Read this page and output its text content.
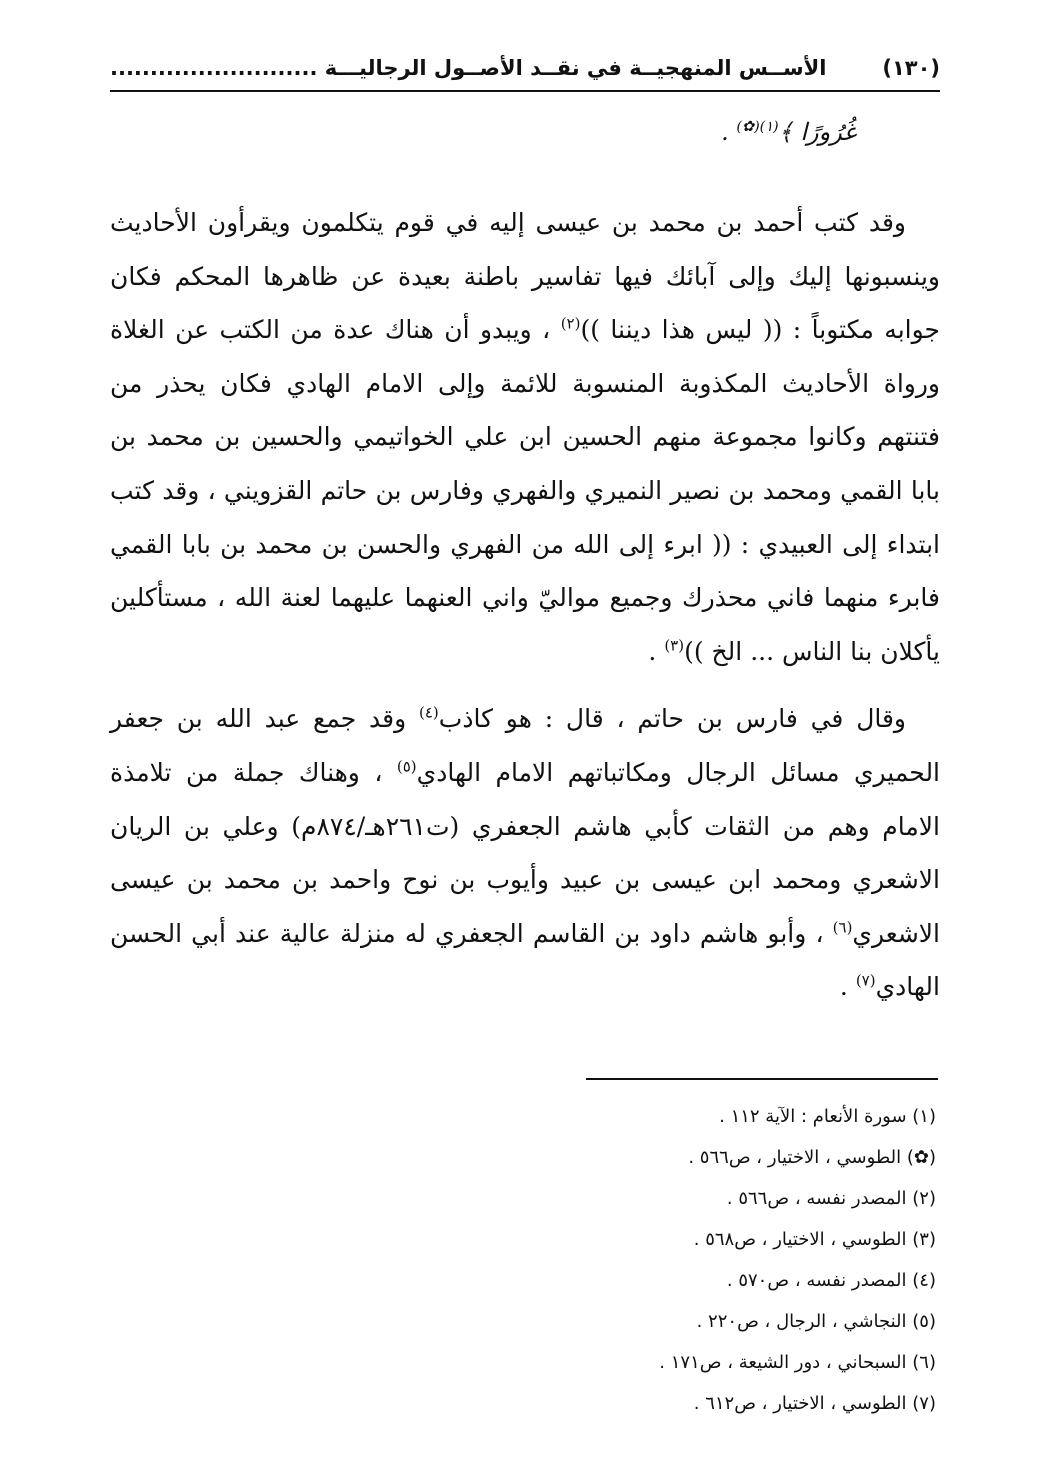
(١٣٠)
الأســس المنهجيــة في نقــد الأصــول الرجاليـــة ..........................
غُرُورًا ﴾$^{(١)(✿)}$ .

وقد كتب أحمد بن محمد بن عيسى إليه في قوم يتكلمون ويقرأون الأحاديث وينسبونها إليك وإلى آبائك فيها تفاسير باطنة بعيدة عن ظاهرها المحكم فكان جوابه مكتوباً : (( ليس هذا ديننا ))$^{(٢)}$ ، ويبدو أن هناك عدة من الكتب عن الغلاة ورواة الأحاديث المكذوبة المنسوبة للائمة وإلى الامام الهادي فكان يحذر من فتنتهم وكانوا مجموعة منهم الحسين ابن علي الخواتيمي والحسين بن محمد بن بابا القمي ومحمد بن نصير النميري والفهري وفارس بن حاتم القزويني ، وقد كتب ابتداء إلى العبيدي : (( ابرء إلى الله من الفهري والحسن بن محمد بن بابا القمي فابرء منهما فاني محذرك وجميع مواليّ واني العنهما عليهما لعنة الله ، مستأكلين يأكلان بنا الناس ... الخ ))$^{(٣)}$ .

وقال في فارس بن حاتم ، قال : هو كاذب$^{(٤)}$ وقد جمع عبد الله بن جعفر الحميري مسائل الرجال ومكاتباتهم الامام الهادي$^{(٥)}$ ، وهناك جملة من تلامذة الامام وهم من الثقات كأبي هاشم الجعفري (ت٢٦١هـ/٨٧٤م) وعلي بن الريان الاشعري ومحمد ابن عيسى بن عبيد وأيوب بن نوح واحمد بن محمد بن عيسى الاشعري$^{(٦)}$ ، وأبو هاشم داود بن القاسم الجعفري له منزلة عالية عند أبي الحسن الهادي$^{(٧)}$ .

(١) سورة الأنعام : الآية ١١٢ .
(✿) الطوسي ، الاختيار ، ص٥٦٦ .
(٢) المصدر نفسه ، ص٥٦٦ .
(٣) الطوسي ، الاختيار ، ص٥٦٨ .
(٤) المصدر نفسه ، ص٥٧٠ .
(٥) النجاشي ، الرجال ، ص٢٢٠ .
(٦) السبحاني ، دور الشيعة ، ص١٧١ .
(٧) الطوسي ، الاختيار ، ص٦١٢ .
